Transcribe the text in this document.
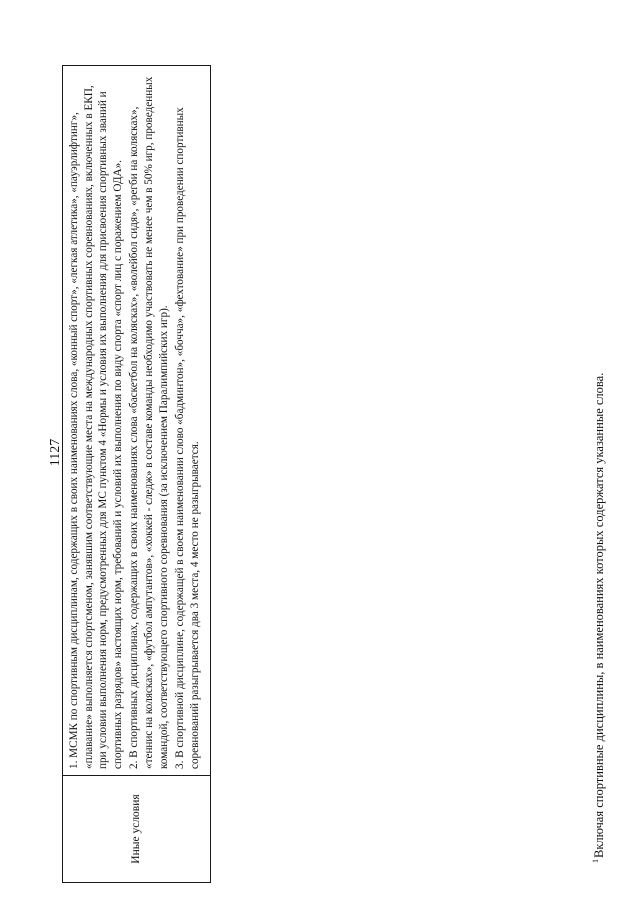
1127
Иные условия	

1. МСМК по спортивным дисциплинам, содержащих в своих наименованиях слова, «конный спорт», «легкая атлетика», «пауэрлифтинг», «плавание» выполняется спортсменом, занявшим соответствующие места на международных спортивных соревнованиях, включенных в ЕКП, при условии выполнения норм, предусмотренных для МС пунктом 4 «Нормы и условия их выполнения для присвоения спортивных званий и спортивных разрядов» настоящих норм, требований и условий их выполнения по виду спорта «спорт лиц с поражением ОДА». 2. В спортивных дисциплинах, содержащих в своих наименованиях слова «баскетбол на колясках», «волейбол сидя», «регби на колясках», «теннис на колясках», «футбол ампутантов», «хоккей - следж» в составе команды необходимо участвовать не менее чем в 50% игр, проведенных командой, соответствующего спортивного соревнования (за исключением Паралимпийских игр). 3. В спортивной дисциплине, содержащей в своем наименовании слово «бадминтон», «бочча», «фехтование» при проведении спортивных соревнований разыгрывается два 3 места, 4 место не разыгрывается.

$^1$Включая спортивные дисциплины, в наименованиях которых содержатся указанные слова.
